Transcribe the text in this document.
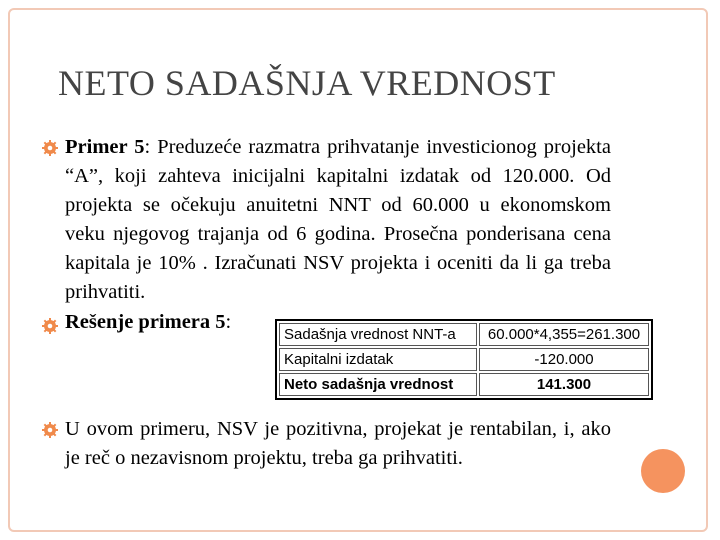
NETO SADAŠNJA VREDNOST
Primer 5: Preduzeće razmatra prihvatanje investicionog projekta “A”, koji zahteva inicijalni kapitalni izdatak od 120.000. Od projekta se očekuju anuitetni NNT od 60.000 u ekonomskom veku njegovog trajanja od 6 godina. Prosečna ponderisana cena kapitala je 10% . Izračunati NSV projekta i oceniti da li ga treba prihvatiti.
Rešenje primera 5:
Sadašnja vrednost NNT-a	60.000*4,355=261.300
Kapitalni izdatak	-120.000
Neto sadašnja vrednost	141.300
U ovom primeru, NSV je pozitivna, projekat je rentabilan, i, ako je reč o nezavisnom projektu, treba ga prihvatiti.
